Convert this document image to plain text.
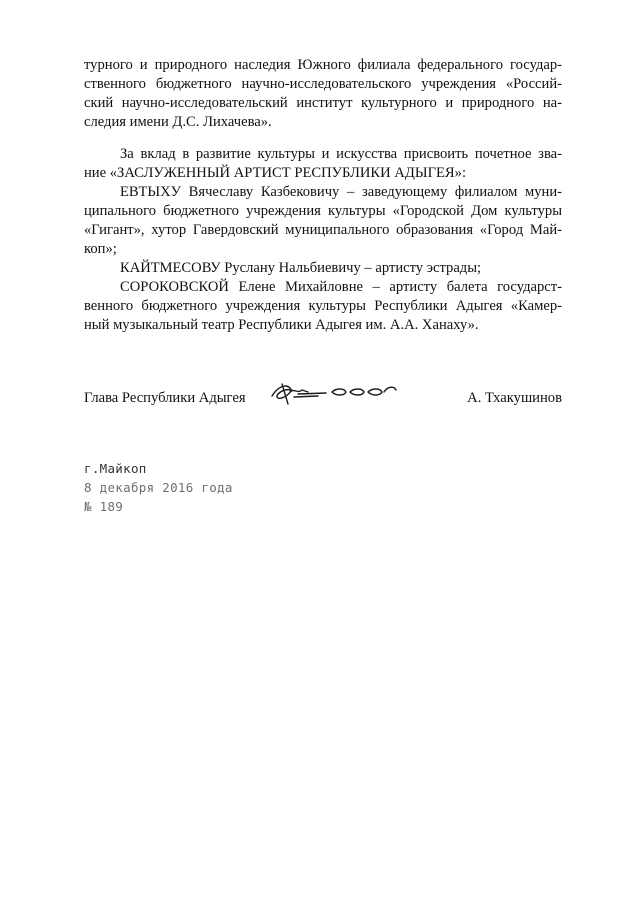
турного и природного наследия Южного филиала федерального государ-
ственного бюджетного научно-исследовательского учреждения «Россий-
ский научно-исследовательский институт культурного и природного на-
следия имени Д.С. Лихачева».

За вклад в развитие культуры и искусства присвоить почетное зва-
ние «ЗАСЛУЖЕННЫЙ АРТИСТ РЕСПУБЛИКИ АДЫГЕЯ»:

ЕВТЫХУ Вячеславу Казбековичу – заведующему филиалом муни-
ципального бюджетного учреждения культуры «Городской Дом культуры
«Гигант», хутор Гавердовский муниципального образования «Город Май-
коп»;

КАЙТМЕСОВУ Руслану Нальбиевичу – артисту эстрады;

СОРОКОВСКОЙ Елене Михайловне – артисту балета государст-
венного бюджетного учреждения культуры Республики Адыгея «Камер-
ный музыкальный театр Республики Адыгея им. А.А. Ханаху».

Глава Республики Адыгея	А. Тхакушинов
г.Майкоп
8 декабря 2016 года
№ 189
